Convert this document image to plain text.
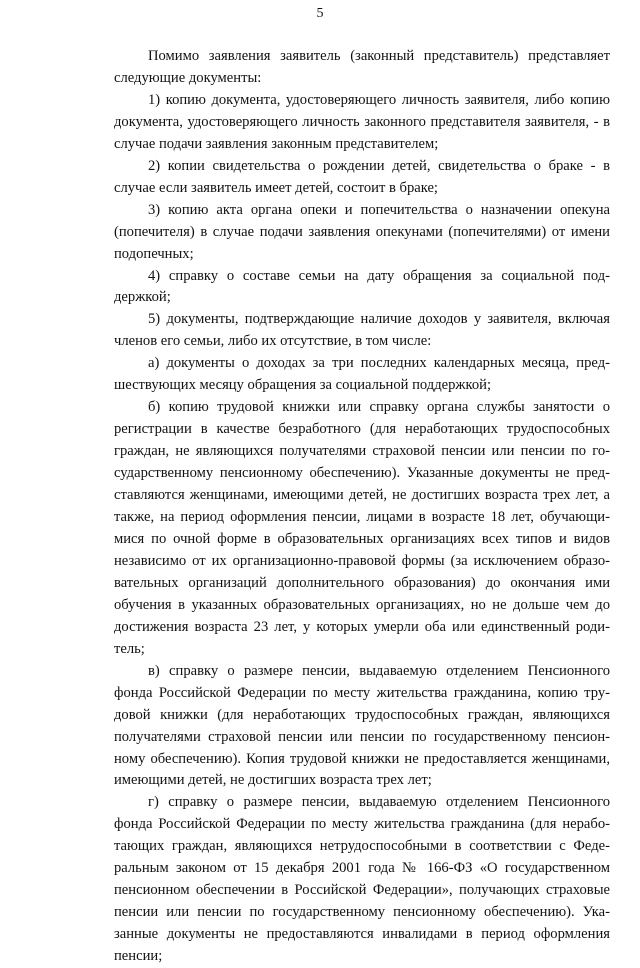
5

Помимо заявления заявитель (законный представитель) представляет следующие документы:

1) копию документа, удостоверяющего личность заявителя, либо копию документа, удостоверяющего личность законного представителя заявителя, - в случае подачи заявления законным представителем;

2) копии свидетельства о рождении детей, свидетельства о браке - в случае если заявитель имеет детей, состоит в браке;

3) копию акта органа опеки и попечительства о назначении опекуна (попечителя) в случае подачи заявления опекунами (попечителями) от имени подопечных;

4) справку о составе семьи на дату обращения за социальной поддержкой;

5) документы, подтверждающие наличие доходов у заявителя, включая членов его семьи, либо их отсутствие, в том числе:

а) документы о доходах за три последних календарных месяца, предшествующих месяцу обращения за социальной поддержкой;

б) копию трудовой книжки или справку органа службы занятости о регистрации в качестве безработного (для неработающих трудоспособных граждан, не являющихся получателями страховой пенсии или пенсии по государственному пенсионному обеспечению). Указанные документы не представляются женщинами, имеющими детей, не достигших возраста трех лет, а также, на период оформления пенсии, лицами в возрасте 18 лет, обучающимися по очной форме в образовательных организациях всех типов и видов независимо от их организационно-правовой формы (за исключением образовательных организаций дополнительного образования) до окончания ими обучения в указанных образовательных организациях, но не дольше чем до достижения возраста 23 лет, у которых умерли оба или единственный родитель;

в) справку о размере пенсии, выдаваемую отделением Пенсионного фонда Российской Федерации по месту жительства гражданина, копию трудовой книжки (для неработающих трудоспособных граждан, являющихся получателями страховой пенсии или пенсии по государственному пенсионному обеспечению). Копия трудовой книжки не предоставляется женщинами, имеющими детей, не достигших возраста трех лет;

г) справку о размере пенсии, выдаваемую отделением Пенсионного фонда Российской Федерации по месту жительства гражданина (для неработающих граждан, являющихся нетрудоспособными в соответствии с Федеральным законом от 15 декабря 2001 года № 166-ФЗ «О государственном пенсионном обеспечении в Российской Федерации», получающих страховые пенсии или пенсии по государственному пенсионному обеспечению). Указанные документы не предоставляются инвалидами в период оформления пенсии;
